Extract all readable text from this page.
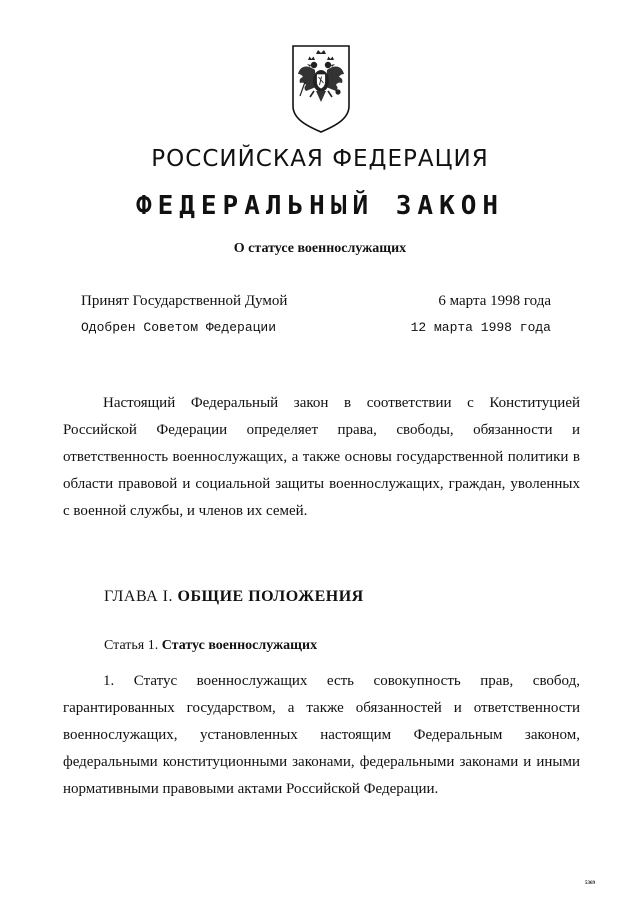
РОССИЙСКАЯ ФЕДЕРАЦИЯ
ФЕДЕРАЛЬНЫЙ ЗАКОН
О статусе военнослужащих
Принят Государственной Думой	6 марта 1998 года
Одобрен Советом Федерации	12 марта 1998 года

Настоящий Федеральный закон в соответствии с Конституцией Российской Федерации определяет права, свободы, обязанности и ответственность военнослужащих, а также основы государственной политики в области правовой и социальной защиты военнослужащих, граждан, уволенных с военной службы, и членов их семей.

ГЛАВА I. ОБЩИЕ ПОЛОЖЕНИЯ
Статья 1. Статус военнослужащих

1. Статус военнослужащих есть совокупность прав, свобод, гарантированных государством, а также обязанностей и ответственности военнослужащих, установленных настоящим Федеральным законом, федеральными конституционными законами, федеральными законами и иными нормативными правовыми актами Российской Федерации.

5369
